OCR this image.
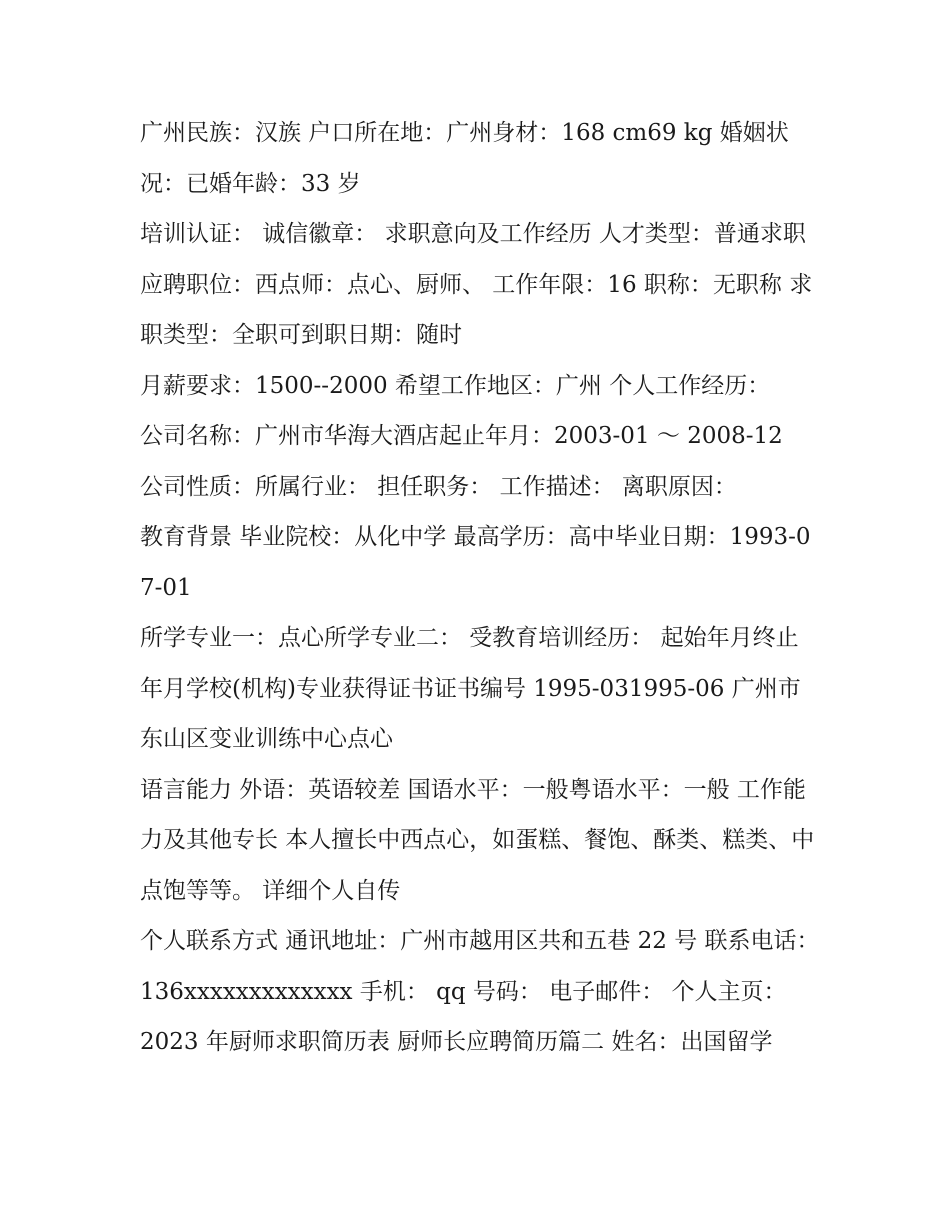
广州民族：汉族 户口所在地：广州身材：168 cm69 kg 婚姻状况：已婚年龄：33 岁

培训认证： 诚信徽章： 求职意向及工作经历 人才类型：普通求职 应聘职位：西点师：点心、厨师、 工作年限：16 职称：无职称 求职类型：全职可到职日期：随时

月薪要求：1500--2000 希望工作地区：广州 个人工作经历：

公司名称：广州市华海大酒店起止年月：2003-01 ～ 2008-12

公司性质：所属行业： 担任职务： 工作描述： 离职原因：

教育背景 毕业院校：从化中学 最高学历：高中毕业日期：1993-07-01

所学专业一：点心所学专业二： 受教育培训经历： 起始年月终止年月学校(机构)专业获得证书证书编号 1995-031995-06 广州市东山区变业训练中心点心

语言能力 外语：英语较差 国语水平：一般粤语水平：一般 工作能力及其他专长 本人擅长中西点心，如蛋糕、餐饱、酥类、糕类、中点饱等等。 详细个人自传

个人联系方式 通讯地址：广州市越用区共和五巷 22 号 联系电话：136xxxxxxxxxxxxx 手机： qq 号码： 电子邮件： 个人主页：

2023 年厨师求职简历表 厨师长应聘简历篇二 姓名：出国留学
